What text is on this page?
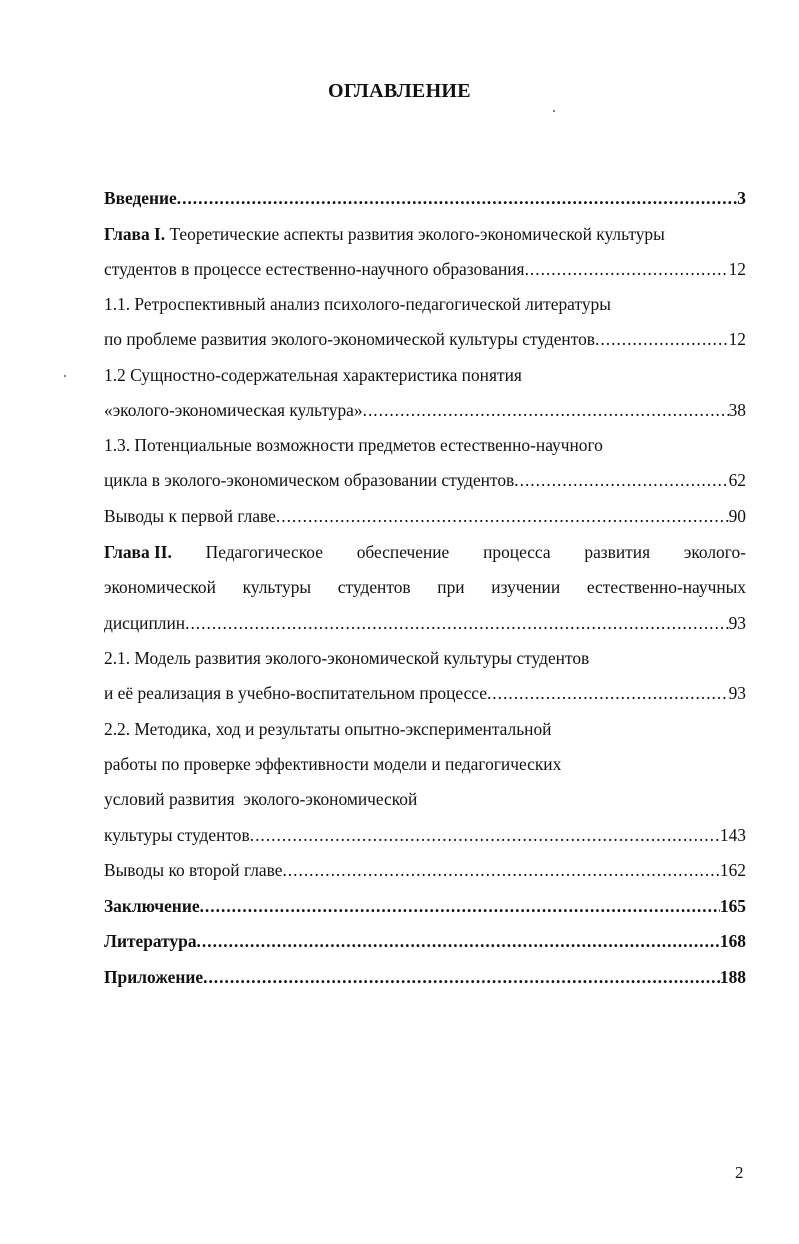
ОГЛАВЛЕНИЕ
Введение .....	.3
Глава I. Теоретические аспекты развития эколого-экономической культуры
студентов в процессе естественно-научного образования .....	12
1.1. Ретроспективный анализ психолого-педагогической литературы
по проблеме развития эколого-экономической культуры студентов .....	12
1.2 Сущностно-содержательная характеристика понятия
«эколого-экономическая культура» .....	38
1.3. Потенциальные возможности предметов естественно-научного
цикла в эколого-экономическом образовании студентов .....	62
Выводы к первой главе .....	90
Глава II. Педагогическое обеспечение процесса развития эколого-
экономической культуры студентов при изучении естественно-научных
дисциплин .....	93
2.1. Модель развития эколого-экономической культуры студентов
и её реализация в учебно-воспитательном процессе .....	93
2.2. Методика, ход и результаты опытно-экспериментальной
работы по проверке эффективности модели и педагогических
условий развития  эколого-экономической
культуры студентов .....	143
Выводы ко второй главе .....	162
Заключение .....	165
Литература .....	168
Приложение .....	188
2
